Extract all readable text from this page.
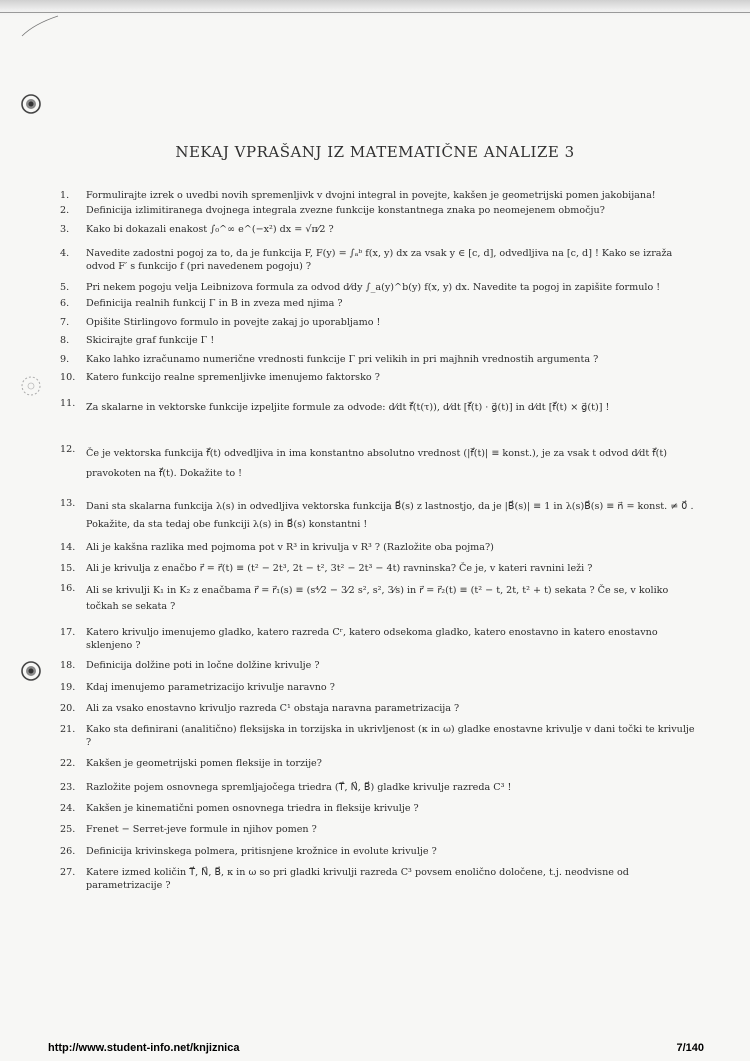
NEKAJ VPRAŠANJ IZ MATEMATIČNE ANALIZE 3
1.	Formulirajte izrek o uvedbi novih spremenljivk v dvojni integral in povejte, kakšen je geometrijski pomen jakobijana!
2.	Definicija izlimitiranega dvojnega integrala zvezne funkcije konstantnega znaka po neomejenem območju?
3.	Kako bi dokazali enakost ∫₀^∞ e^(−x²) dx = √π⁄2 ?
4.	Navedite zadostni pogoj za to, da je funkcija F, F(y) = ∫ₐᵇ f(x, y) dx za vsak y ∈ [c, d], odvedljiva na [c, d] ! Kako se izraža odvod F′ s funkcijo f (pri navedenem pogoju) ?
5.	Pri nekem pogoju velja Leibnizova formula za odvod d⁄dy ∫_a(y)^b(y) f(x, y) dx. Navedite ta pogoj in zapišite formulo !
6.	Definicija realnih funkcij Γ in B in zveza med njima ?
7.	Opišite Stirlingovo formulo in povejte zakaj jo uporabljamo !
8.	Skicirajte graf funkcije Γ !
9.	Kako lahko izračunamo numerične vrednosti funkcije Γ pri velikih in pri majhnih vrednostih argumenta ?
10.	Katero funkcijo realne spremenljivke imenujemo faktorsko ?
11.	Za skalarne in vektorske funkcije izpeljite formule za odvode: d⁄dt f⃗(t(τ)), d⁄dt [f⃗(t) · g⃗(t)] in d⁄dt [f⃗(t) × g⃗(t)] !
12.	Če je vektorska funkcija f⃗(t) odvedljiva in ima konstantno absolutno vrednost (|f⃗(t)| ≡ konst.), je za vsak t odvod d⁄dt f⃗(t) pravokoten na f⃗(t). Dokažite to !
13.	Dani sta skalarna funkcija λ(s) in odvedljiva vektorska funkcija B⃗(s) z lastnostjo, da je |B⃗(s)| ≡ 1 in λ(s)B⃗(s) ≡ n⃗ = konst. ≠ 0⃗ . Pokažite, da sta tedaj obe funkciji λ(s) in B⃗(s) konstantni !
14.	Ali je kakšna razlika med pojmoma pot v R³ in krivulja v R³ ? (Razložite oba pojma?)
15.	Ali je krivulja z enačbo r⃗ = r⃗(t) ≡ (t² − 2t³, 2t − t², 3t² − 2t³ − 4t) ravninska? Če je, v kateri ravnini leži ?
16.	Ali se krivulji K₁ in K₂ z enačbama r⃗ = r⃗₁(s) ≡ (s⁴⁄2 − 3⁄2 s², s², 3⁄s) in r⃗ = r⃗₂(t) ≡ (t² − t, 2t, t² + t) sekata ? Če se, v koliko točkah se sekata ?
17.	Katero krivuljo imenujemo gladko, katero razreda Cʳ, katero odsekoma gladko, katero enostavno in katero enostavno sklenjeno ?
18.	Definicija dolžine poti in ločne dolžine krivulje ?
19.	Kdaj imenujemo parametrizacijo krivulje naravno ?
20.	Ali za vsako enostavno krivuljo razreda C¹ obstaja naravna parametrizacija ?
21.	Kako sta definirani (analitično) fleksijska in torzijska in ukrivljenost (κ in ω) gladke enostavne krivulje v dani točki te krivulje ?
22.	Kakšen je geometrijski pomen fleksije in torzije?
23.	Razložite pojem osnovnega spremljajočega triedra (T⃗, N⃗, B⃗) gladke krivulje razreda C³ !
24.	Kakšen je kinematični pomen osnovnega triedra in fleksije krivulje ?
25.	Frenet − Serret-jeve formule in njihov pomen ?
26.	Definicija krivinskega polmera, pritisnjene krožnice in evolute krivulje ?
27.	Katere izmed količin T⃗, N⃗, B⃗, κ in ω so pri gladki krivulji razreda C³ povsem enolično določene, t.j. neodvisne od parametrizacije ?
http://www.student-info.net/knjiznica	7/140
